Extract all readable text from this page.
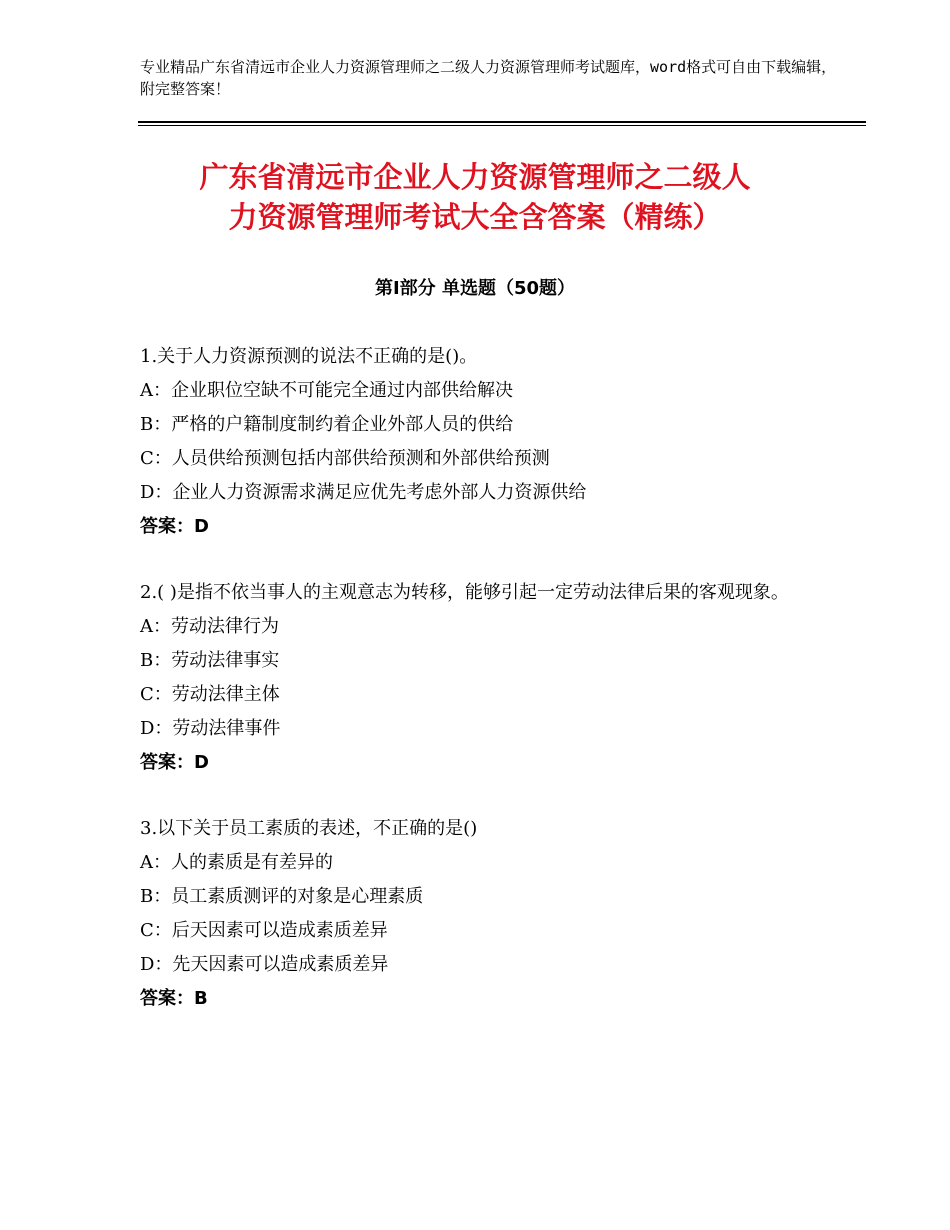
专业精品广东省清远市企业人力资源管理师之二级人力资源管理师考试题库，word格式可自由下载编辑，附完整答案！
广东省清远市企业人力资源管理师之二级人
力资源管理师考试大全含答案（精练）
第Ⅰ部分 单选题（50题）

1.关于人力资源预测的说法不正确的是()。

A：企业职位空缺不可能完全通过内部供给解决

B：严格的户籍制度制约着企业外部人员的供给

C：人员供给预测包括内部供给预测和外部供给预测

D：企业人力资源需求满足应优先考虑外部人力资源供给

答案：D

2.( )是指不依当事人的主观意志为转移，能够引起一定劳动法律后果的客观现象。

A：劳动法律行为

B：劳动法律事实

C：劳动法律主体

D：劳动法律事件

答案：D

3.以下关于员工素质的表述，不正确的是()

A：人的素质是有差异的

B：员工素质测评的对象是心理素质

C：后天因素可以造成素质差异

D：先天因素可以造成素质差异

答案：B
